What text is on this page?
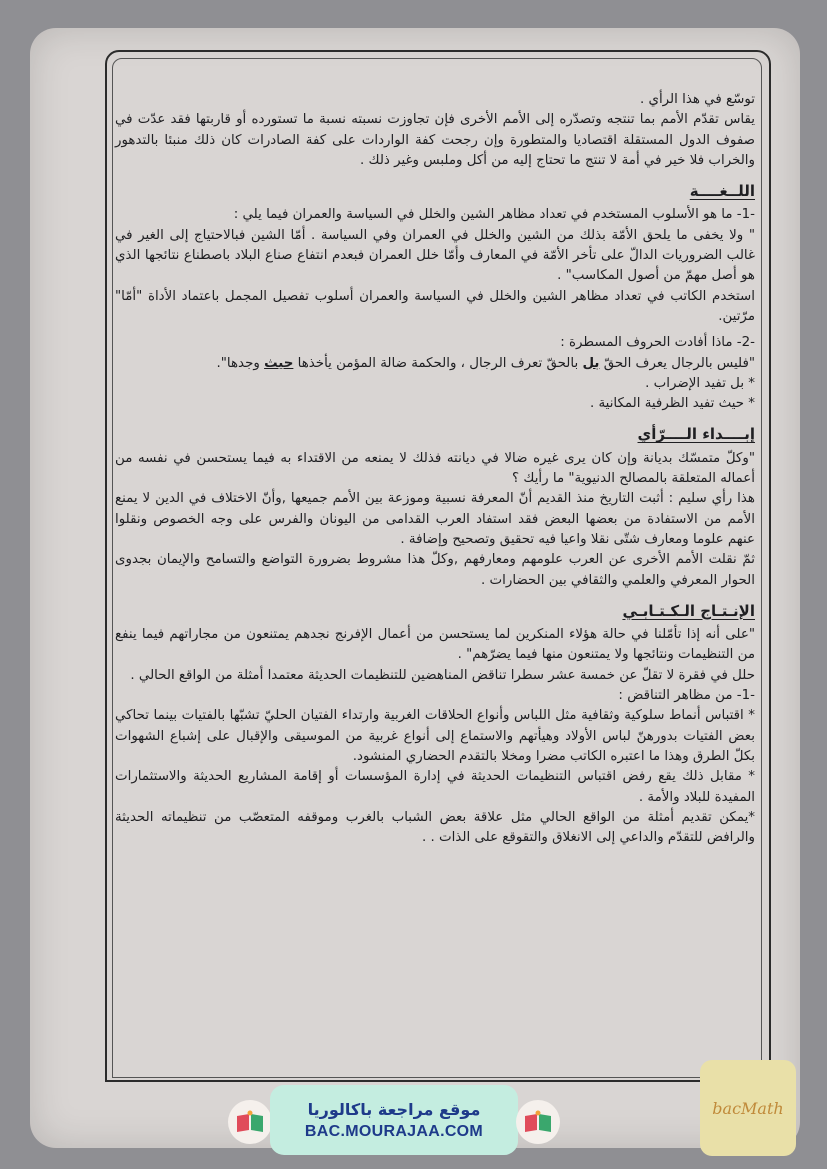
توسّع في هذا الرأي .

يقاس تقدّم الأمم بما تنتجه وتصدّره إلى الأمم الأخرى فإن تجاوزت نسبته نسبة ما تستورده أو قاربتها فقد عدّت في صفوف الدول المستقلة اقتصاديا والمتطورة وإن رجحت كفة الواردات على كفة الصادرات كان ذلك منبئا بالتدهور والخراب فلا خير في أمة لا تنتج ما تحتاج إليه من أكل وملبس وغير ذلك .

اللــغــــة

-1- ما هو الأسلوب المستخدم في تعداد مظاهر الشين والخلل في السياسة والعمران فيما يلي :

" ولا يخفى ما يلحق الأمّة بذلك من الشين والخلل في العمران وفي السياسة . أمّا الشين فبالاحتياج إلى الغير في غالب الضروريات الدالّ على تأخر الأمّة في المعارف وأمّا خلل العمران فبعدم انتفاع صناع البلاد باصطناع نتائجها الذي هو أصل مهمّ من أصول المكاسب" .

استخدم الكاتب في تعداد مظاهر الشين والخلل في السياسة والعمران أسلوب تفصيل المجمل باعتماد الأداة "أمّا" مرّتين.

-2- ماذا أفادت الحروف المسطرة :

"فليس بالرجال يعرف الحقّ بل بالحقّ تعرف الرجال ، والحكمة ضالة المؤمن يأخذها حيث وجدها".

* بل تفيد الإضراب .

* حيث تفيد الظرفية المكانية .

إبــــداء الــــرّأي

"وكلّ متمسّك بديانة وإن كان يرى غيره ضالا في ديانته فذلك لا يمنعه من الاقتداء به فيما يستحسن في نفسه من أعماله المتعلقة بالمصالح الدنيوية" ما رأيك ؟

هذا رأي سليم : أثبت التاريخ منذ القديم أنّ المعرفة نسبية وموزعة بين الأمم جميعها ,وأنّ الاختلاف في الدين لا يمنع الأمم من الاستفادة من بعضها البعض فقد استفاد العرب القدامى من اليونان والفرس على وجه الخصوص ونقلوا عنهم علوما ومعارف شتّى نقلا واعيا فيه تحقيق وتصحيح وإضافة .

ثمّ نقلت الأمم الأخرى عن العرب علومهم ومعارفهم ,وكلّ هذا مشروط بضرورة التواضع والتسامح والإيمان بجدوى الحوار المعرفي والعلمي والثقافي بين الحضارات .

الإنـتـاج الـكـتـابـي

"على أنه إذا تأمّلنا في حالة هؤلاء المنكرين لما يستحسن من أعمال الإفرنج نجدهم يمتنعون من مجاراتهم فيما ينفع من التنظيمات ونتائجها ولا يمتنعون منها فيما يضرّهم" .

حلل في فقرة لا تقلّ عن خمسة عشر سطرا تناقض المناهضين للتنظيمات الحديثة معتمدا أمثلة من الواقع الحالي .

-1- من مظاهر التناقض :

* اقتباس أنماط سلوكية وثقافية مثل اللباس وأنواع الحلاقات الغربية وارتداء الفتيان الحليّ تشبّها بالفتيات بينما تحاكي بعض الفتيات بدورهنّ لباس الأولاد وهيأتهم والاستماع إلى أنواع غربية من الموسيقى والإقبال على إشباع الشهوات بكلّ الطرق وهذا ما اعتبره الكاتب مضرا ومخلا بالتقدم الحضاري المنشود.

* مقابل ذلك يقع رفض اقتباس التنظيمات الحديثة في إدارة المؤسسات أو إقامة المشاريع الحديثة والاستثمارات المفيدة للبلاد والأمة .

*يمكن تقديم أمثلة من الواقع الحالي مثل علاقة بعض الشباب بالغرب وموقفه المتعصّب من تنظيماته الحديثة والرافض للتقدّم والداعي إلى الانغلاق والتقوقع على الذات . .

موقع مراجعة باكالوريا
BAC.MOURAJAA.COM
bacMath
